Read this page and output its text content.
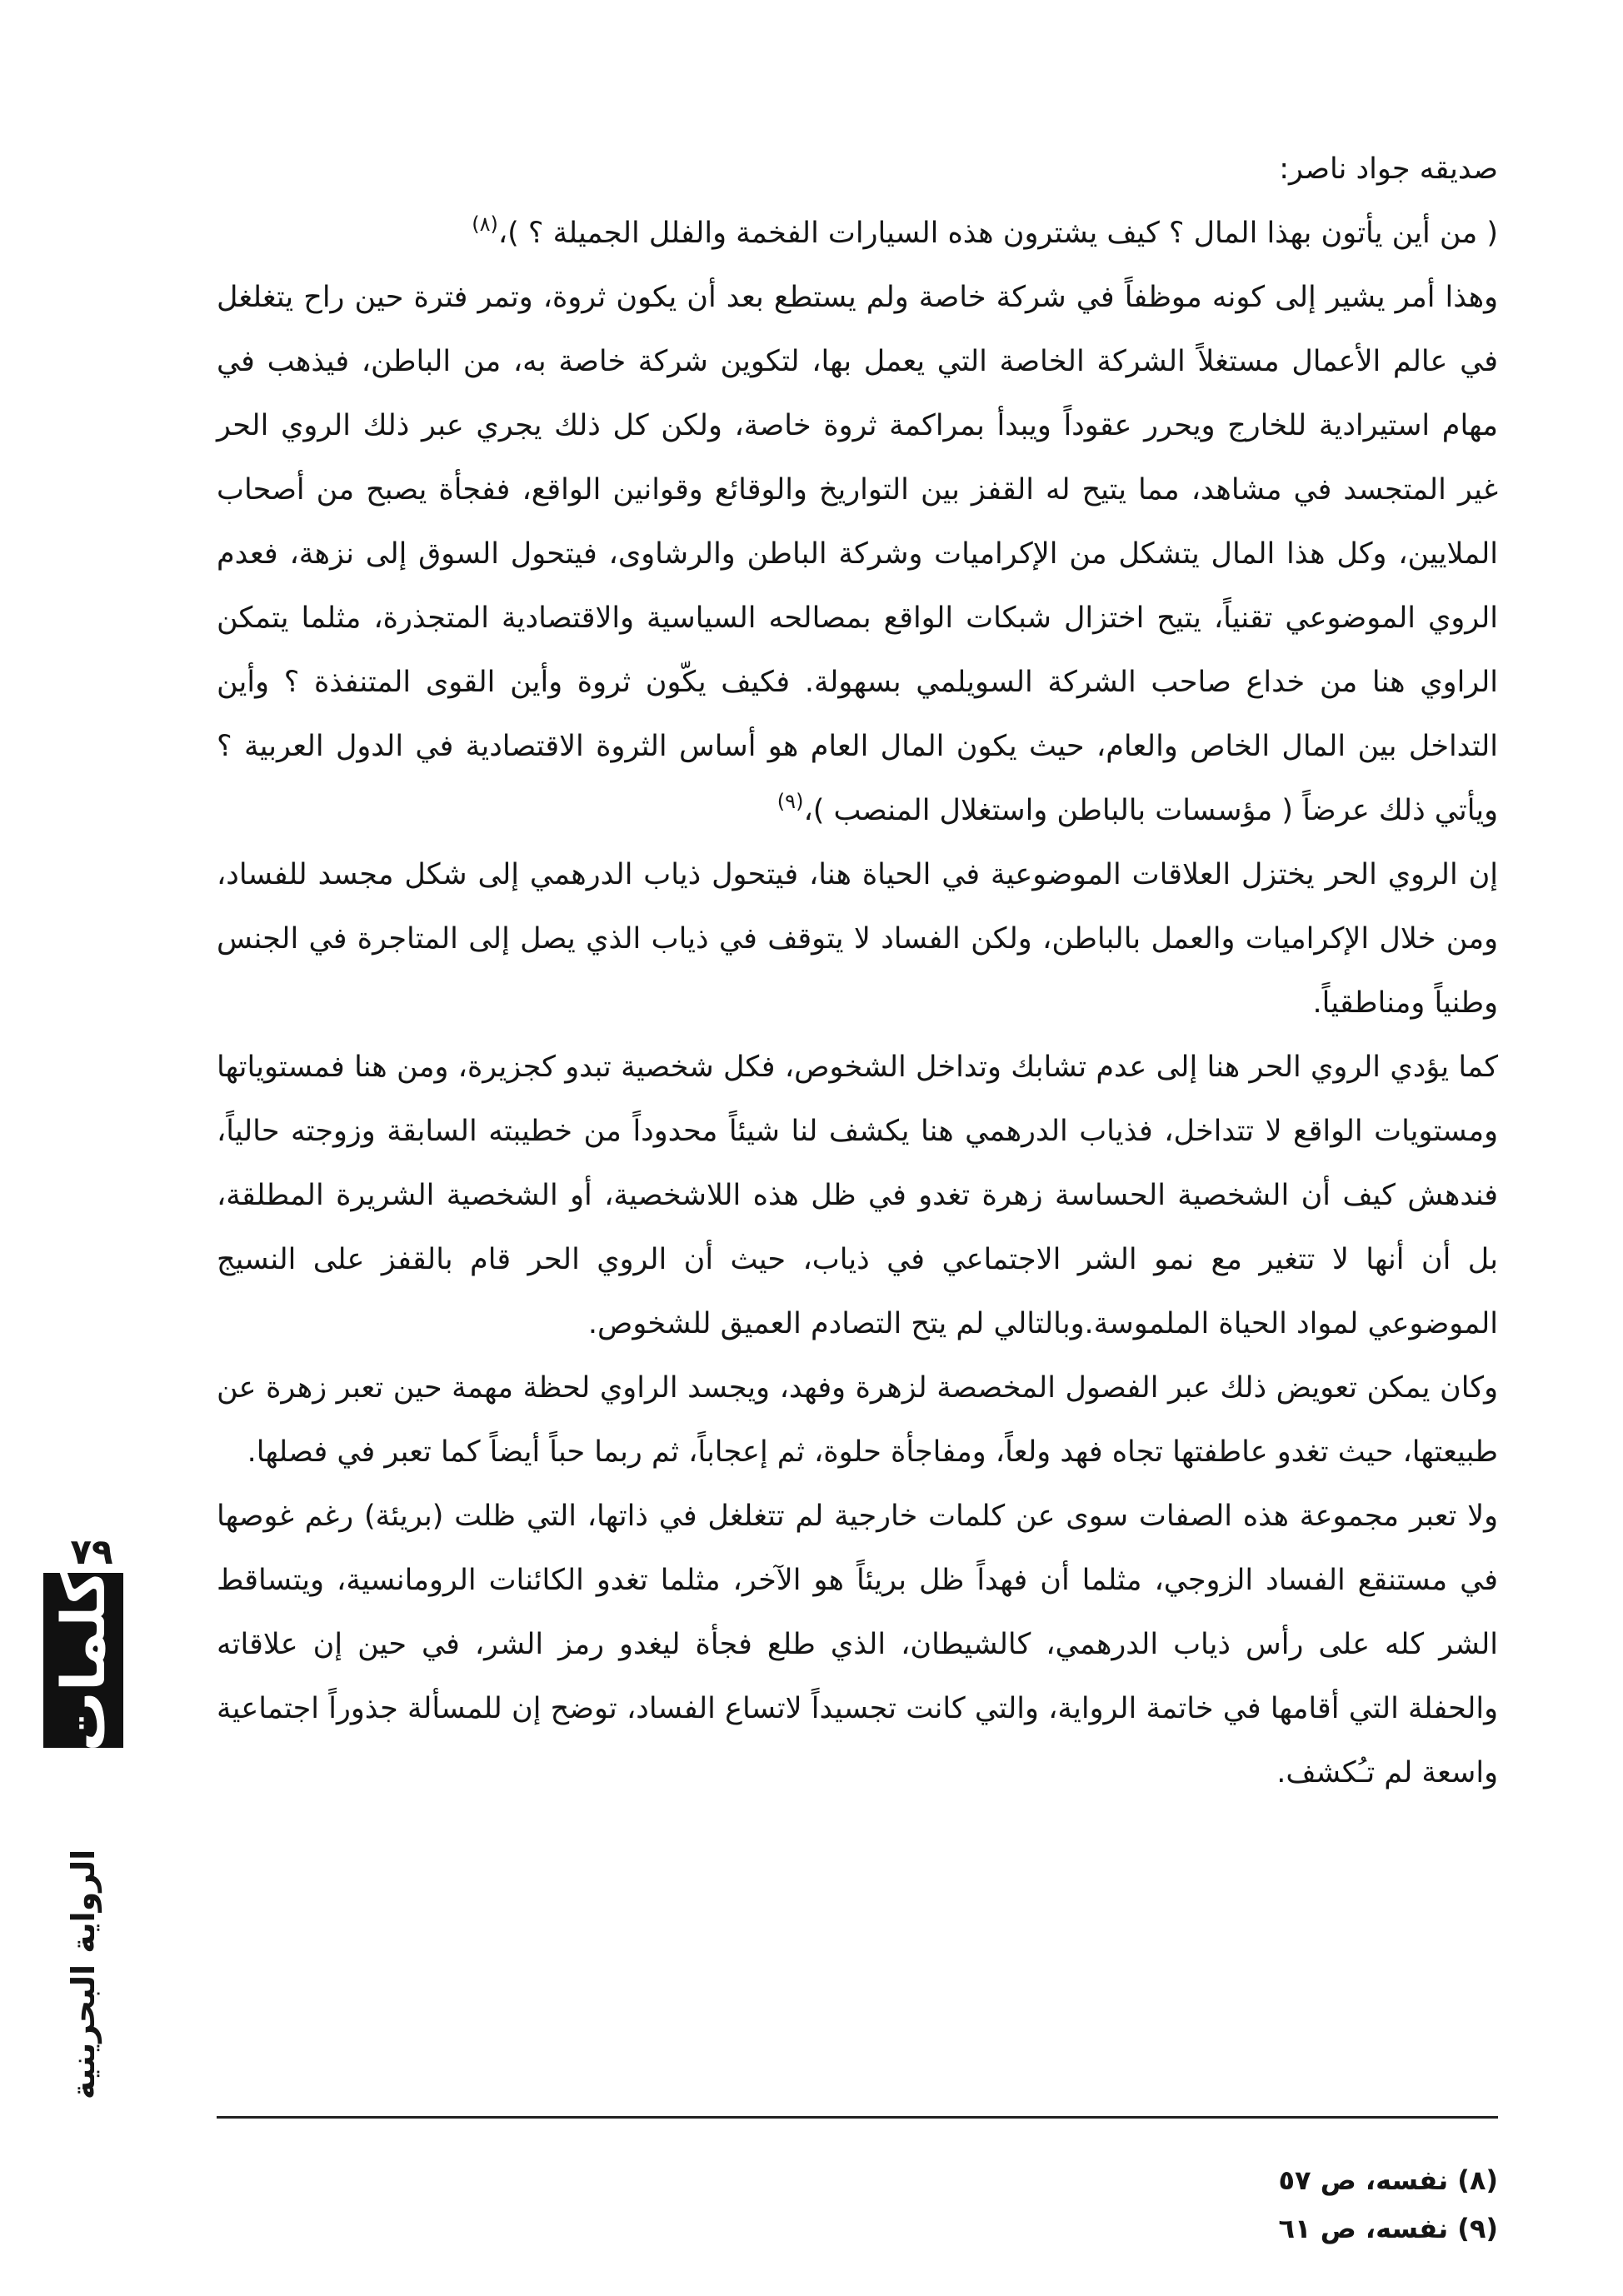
صديقه جواد ناصر:

( من أين يأتون بهذا المال ؟ كيف يشترون هذه السيارات الفخمة والفلل الجميلة ؟ )،$^{(٨)}$

وهذا أمر يشير إلى كونه موظفاً في شركة خاصة ولم يستطع بعد أن يكون ثروة، وتمر فترة حين راح يتغلغل في عالم الأعمال مستغلاً الشركة الخاصة التي يعمل بها، لتكوين شركة خاصة به، من الباطن، فيذهب في مهام استيرادية للخارج ويحرر عقوداً ويبدأ بمراكمة ثروة خاصة، ولكن كل ذلك يجري عبر ذلك الروي الحر غير المتجسد في مشاهد، مما يتيح له القفز بين التواريخ والوقائع وقوانين الواقع، ففجأة يصبح من أصحاب الملايين، وكل هذا المال يتشكل من الإكراميات وشركة الباطن والرشاوى، فيتحول السوق إلى نزهة، فعدم الروي الموضوعي تقنياً، يتيح اختزال شبكات الواقع بمصالحه السياسية والاقتصادية المتجذرة، مثلما يتمكن الراوي هنا من خداع صاحب الشركة السويلمي بسهولة. فكيف يكّون ثروة وأين القوى المتنفذة ؟ وأين التداخل بين المال الخاص والعام، حيث يكون المال العام هو أساس الثروة الاقتصادية في الدول العربية ؟ ويأتي ذلك عرضاً ( مؤسسات بالباطن واستغلال المنصب )،$^{(٩)}$

إن الروي الحر يختزل العلاقات الموضوعية في الحياة هنا، فيتحول ذياب الدرهمي إلى شكل مجسد للفساد، ومن خلال الإكراميات والعمل بالباطن، ولكن الفساد لا يتوقف في ذياب الذي يصل إلى المتاجرة في الجنس وطنياً ومناطقياً.

كما يؤدي الروي الحر هنا إلى عدم تشابك وتداخل الشخوص، فكل شخصية تبدو كجزيرة، ومن هنا فمستوياتها ومستويات الواقع لا تتداخل، فذياب الدرهمي هنا يكشف لنا شيئاً محدوداً من خطيبته السابقة وزوجته حالياً، فندهش كيف أن الشخصية الحساسة زهرة تغدو في ظل هذه اللاشخصية، أو الشخصية الشريرة المطلقة، بل أن أنها لا تتغير مع نمو الشر الاجتماعي في ذياب، حيث أن الروي الحر قام بالقفز على النسيج الموضوعي لمواد الحياة الملموسة.وبالتالي لم يتح التصادم العميق للشخوص.

وكان يمكن تعويض ذلك عبر الفصول المخصصة لزهرة وفهد، ويجسد الراوي لحظة مهمة حين تعبر زهرة عن طبيعتها، حيث تغدو عاطفتها تجاه فهد ولعاً، ومفاجأة حلوة، ثم إعجاباً، ثم ربما حباً أيضاً كما تعبر في فصلها.

ولا تعبر مجموعة هذه الصفات سوى عن كلمات خارجية لم تتغلغل في ذاتها، التي ظلت (بريئة) رغم غوصها في مستنقع الفساد الزوجي، مثلما أن فهداً ظل بريئاً هو الآخر، مثلما تغدو الكائنات الرومانسية، ويتساقط الشر كله على رأس ذياب الدرهمي، كالشيطان، الذي طلع فجأة ليغدو رمز الشر، في حين إن علاقاته والحفلة التي أقامها في خاتمة الرواية، والتي كانت تجسيداً لاتساع الفساد، توضح إن للمسألة جذوراً اجتماعية واسعة لم تـُكشف.

(٨) نفسه، ص ٥٧
(٩) نفسه، ص ٦١
٧٩
كلمات
الرواية البحرينية
